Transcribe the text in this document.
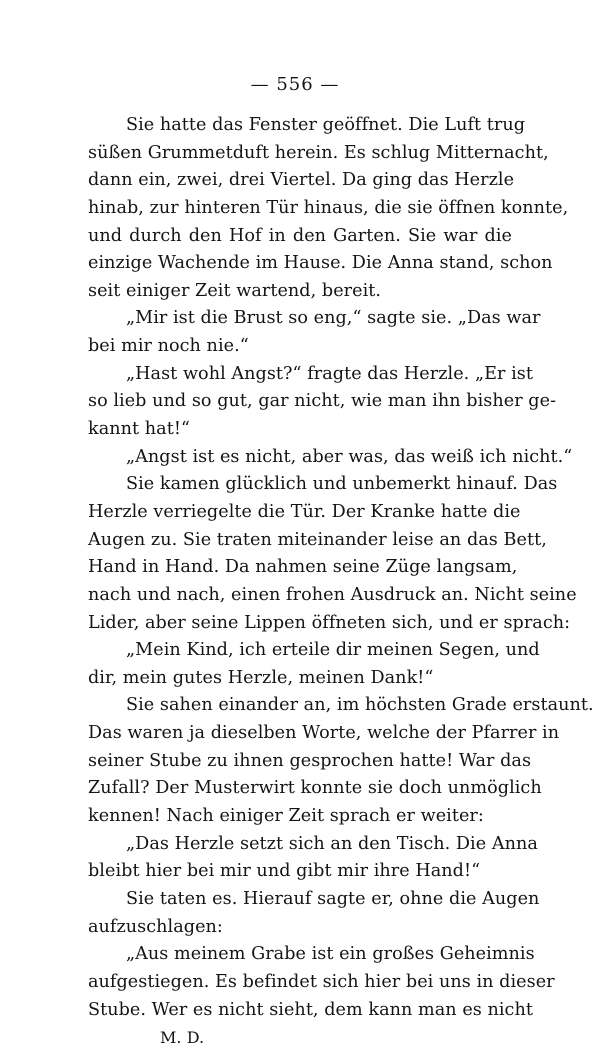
— 556 —
Sie hatte das Fenster geöffnet. Die Luft trug
süßen Grummetduft herein. Es schlug Mitternacht,
dann ein, zwei, drei Viertel. Da ging das Herzle
hinab, zur hinteren Tür hinaus, die sie öffnen konnte,
und durch den Hof in den Garten. Sie war die
einzige Wachende im Hause. Die Anna stand, schon
seit einiger Zeit wartend, bereit.
„Mir ist die Brust so eng,“ sagte sie. „Das war
bei mir noch nie.“
„Hast wohl Angst?“ fragte das Herzle. „Er ist
so lieb und so gut, gar nicht, wie man ihn bisher ge-
kannt hat!“
„Angst ist es nicht, aber was, das weiß ich nicht.“
Sie kamen glücklich und unbemerkt hinauf. Das
Herzle verriegelte die Tür. Der Kranke hatte die
Augen zu. Sie traten miteinander leise an das Bett,
Hand in Hand. Da nahmen seine Züge langsam,
nach und nach, einen frohen Ausdruck an. Nicht seine
Lider, aber seine Lippen öffneten sich, und er sprach:
„Mein Kind, ich erteile dir meinen Segen, und
dir, mein gutes Herzle, meinen Dank!“
Sie sahen einander an, im höchsten Grade erstaunt.
Das waren ja dieselben Worte, welche der Pfarrer in
seiner Stube zu ihnen gesprochen hatte! War das
Zufall? Der Musterwirt konnte sie doch unmöglich
kennen! Nach einiger Zeit sprach er weiter:
„Das Herzle setzt sich an den Tisch. Die Anna
bleibt hier bei mir und gibt mir ihre Hand!“
Sie taten es. Hierauf sagte er, ohne die Augen
aufzuschlagen:
„Aus meinem Grabe ist ein großes Geheimnis
aufgestiegen. Es befindet sich hier bei uns in dieser
Stube. Wer es nicht sieht, dem kann man es nicht
M. D.
